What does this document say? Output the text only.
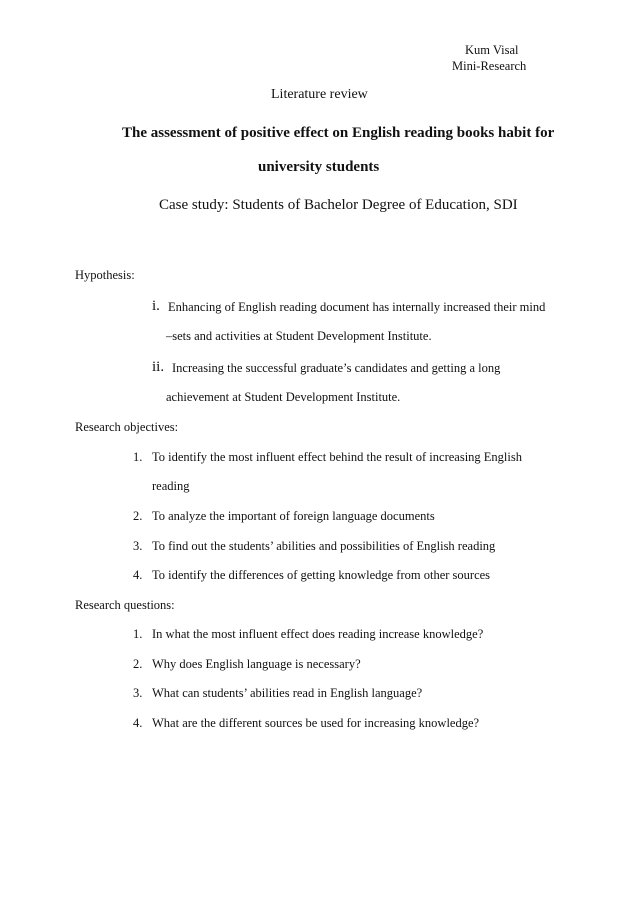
Kum Visal
Mini-Research
Literature review
The assessment of positive effect on English reading books habit for
university students
Case study: Students of Bachelor Degree of Education, SDI
Hypothesis:
i. Enhancing of English reading document has internally increased their mind
–sets and activities at Student Development Institute.
ii. Increasing the successful graduate’s candidates and getting a long
achievement at Student Development Institute.
Research objectives:
1. To identify the most influent effect behind the result of increasing English
reading
2. To analyze the important of foreign language documents
3. To find out the students’ abilities and possibilities of English reading
4. To identify the differences of getting knowledge from other sources
Research questions:
1. In what the most influent effect does reading increase knowledge?
2. Why does English language is necessary?
3. What can students’ abilities read in English language?
4. What are the different sources be used for increasing knowledge?
